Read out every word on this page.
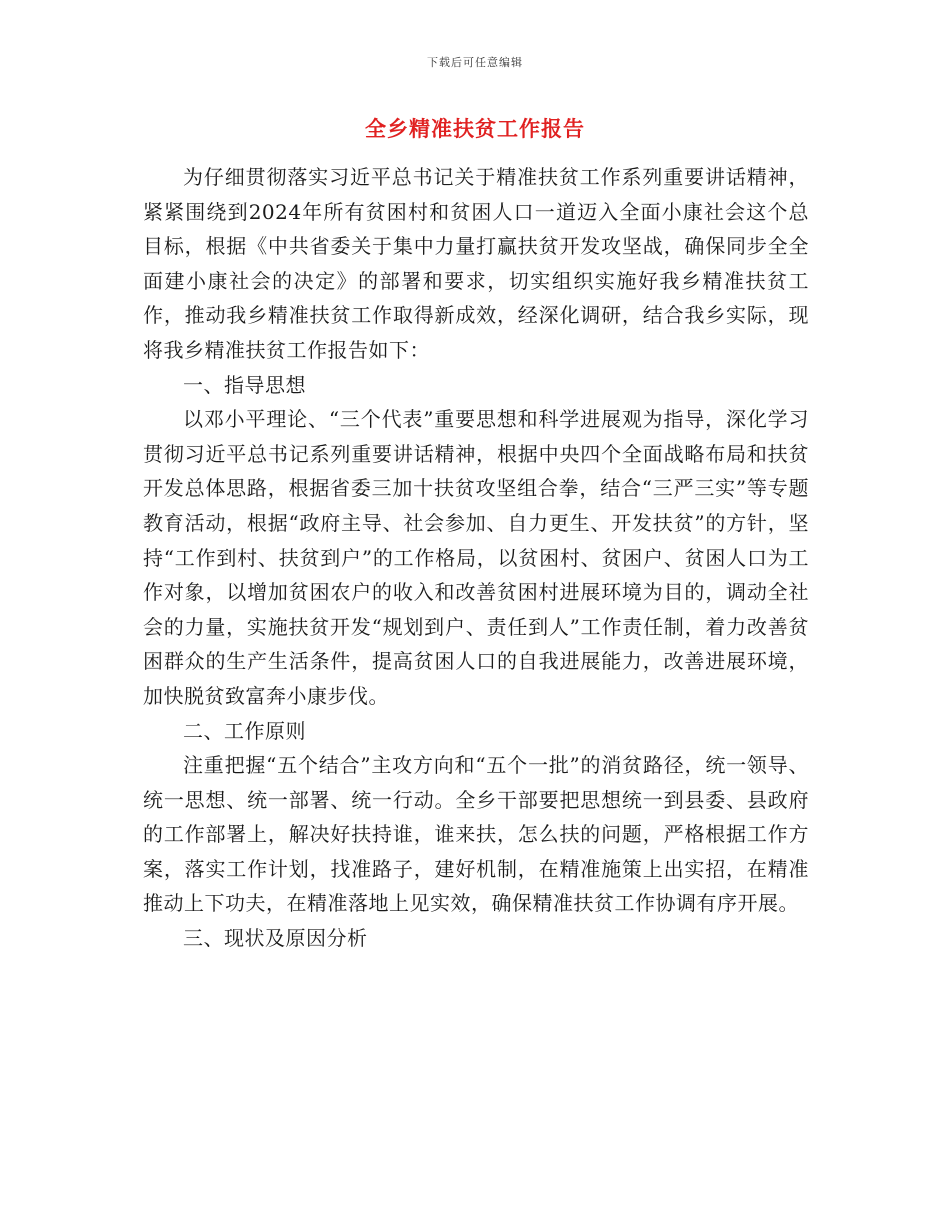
下载后可任意编辑
全乡精准扶贫工作报告

为仔细贯彻落实习近平总书记关于精准扶贫工作系列重要讲话精神，紧紧围绕到2024年所有贫困村和贫困人口一道迈入全面小康社会这个总目标，根据《中共省委关于集中力量打赢扶贫开发攻坚战，确保同步全全面建小康社会的决定》的部署和要求，切实组织实施好我乡精准扶贫工作，推动我乡精准扶贫工作取得新成效，经深化调研，结合我乡实际，现将我乡精准扶贫工作报告如下：

一、指导思想

以邓小平理论、“三个代表”重要思想和科学进展观为指导，深化学习贯彻习近平总书记系列重要讲话精神，根据中央四个全面战略布局和扶贫开发总体思路，根据省委三加十扶贫攻坚组合拳，结合“三严三实”等专题教育活动，根据“政府主导、社会参加、自力更生、开发扶贫”的方针，坚持“工作到村、扶贫到户”的工作格局，以贫困村、贫困户、贫困人口为工作对象，以增加贫困农户的收入和改善贫困村进展环境为目的，调动全社会的力量，实施扶贫开发“规划到户、责任到人”工作责任制，着力改善贫困群众的生产生活条件，提高贫困人口的自我进展能力，改善进展环境，加快脱贫致富奔小康步伐。

二、工作原则

注重把握“五个结合”主攻方向和“五个一批”的消贫路径，统一领导、统一思想、统一部署、统一行动。全乡干部要把思想统一到县委、县政府的工作部署上，解决好扶持谁，谁来扶，怎么扶的问题，严格根据工作方案，落实工作计划，找准路子，建好机制，在精准施策上出实招，在精准推动上下功夫，在精准落地上见实效，确保精准扶贫工作协调有序开展。

三、现状及原因分析
